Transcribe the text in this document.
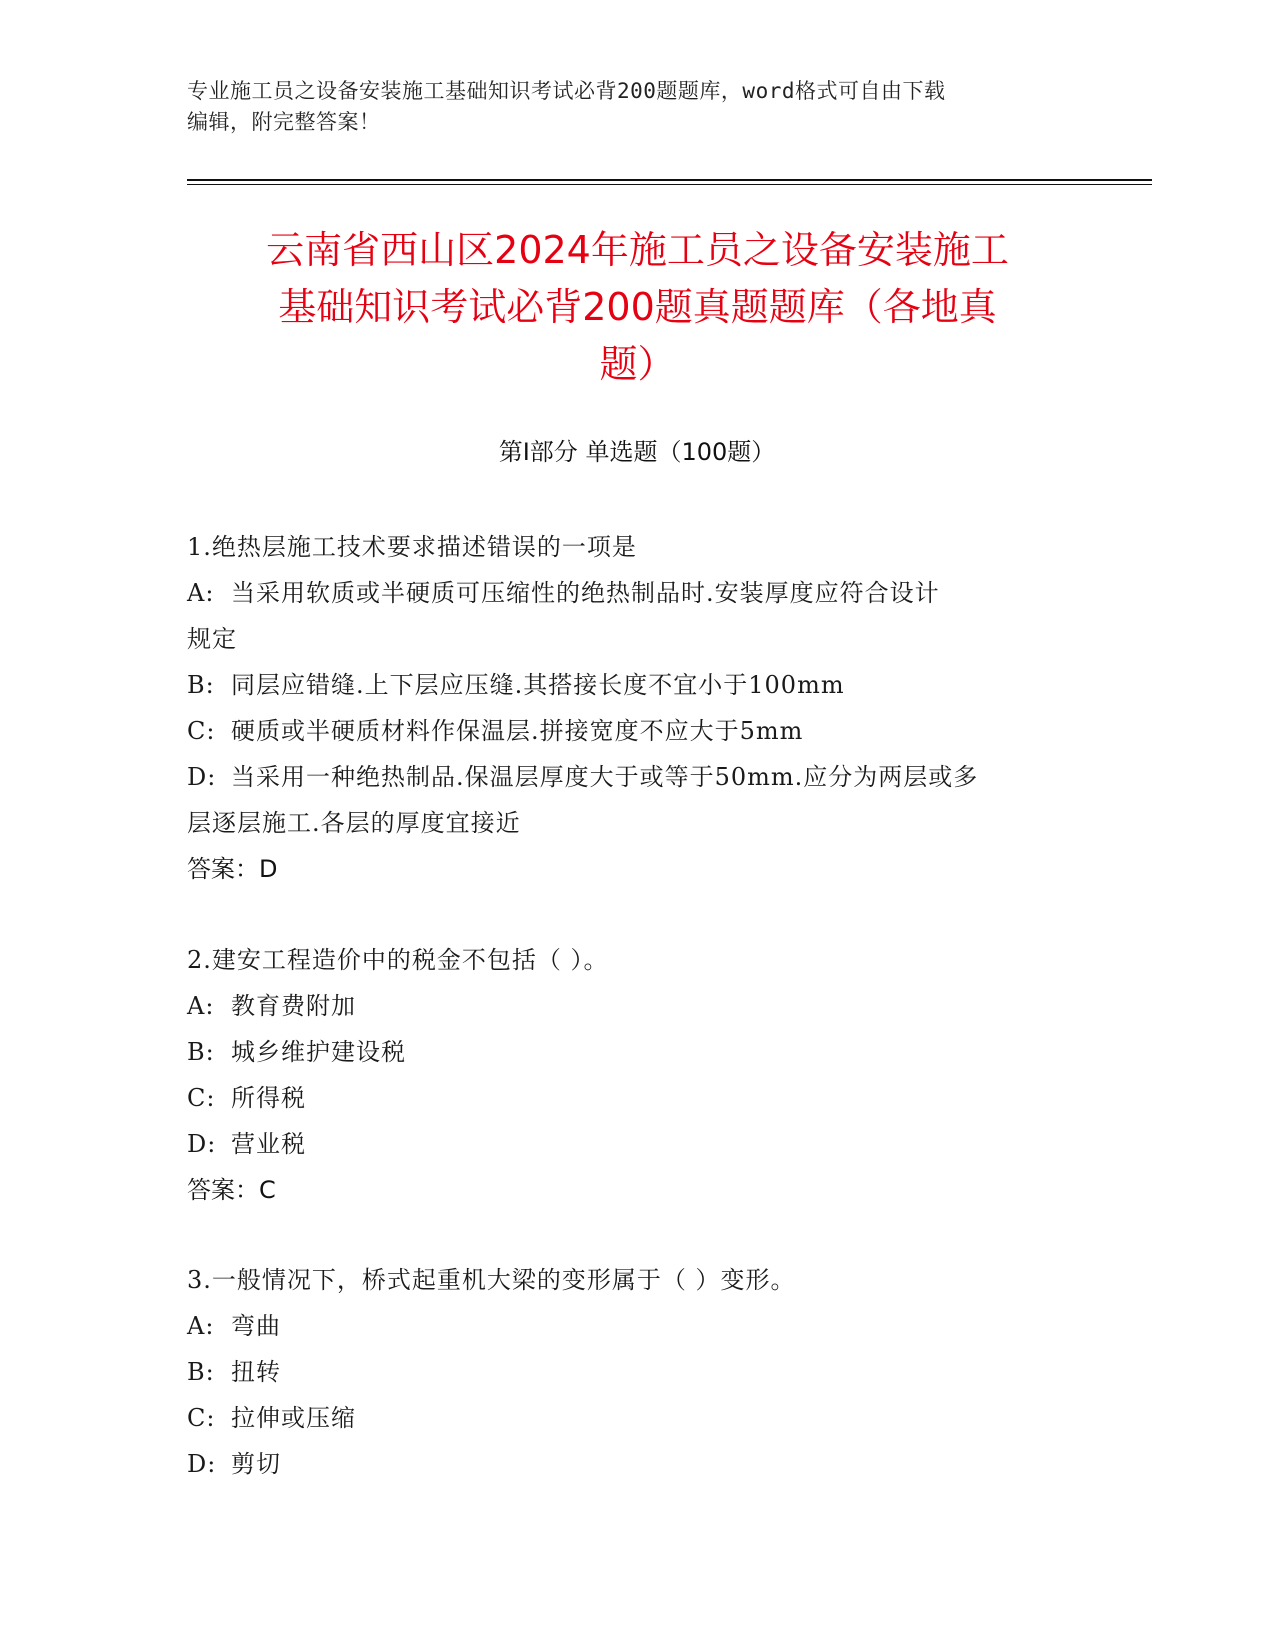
专业施工员之设备安装施工基础知识考试必背200题题库，word格式可自由下载
编辑，附完整答案！
云南省西山区2024年施工员之设备安装施工
基础知识考试必背200题真题题库（各地真
题）
第I部分 单选题（100题）
1.绝热层施工技术要求描述错误的一项是
A: 当采用软质或半硬质可压缩性的绝热制品时.安装厚度应符合设计
规定
B: 同层应错缝.上下层应压缝.其搭接长度不宜小于100mm
C: 硬质或半硬质材料作保温层.拼接宽度不应大于5mm
D: 当采用一种绝热制品.保温层厚度大于或等于50mm.应分为两层或多
层逐层施工.各层的厚度宜接近
答案：D
2.建安工程造价中的税金不包括（ ）。
A: 教育费附加
B: 城乡维护建设税
C: 所得税
D: 营业税
答案：C
3.一般情况下，桥式起重机大梁的变形属于（ ）变形。
A: 弯曲
B: 扭转
C: 拉伸或压缩
D: 剪切
